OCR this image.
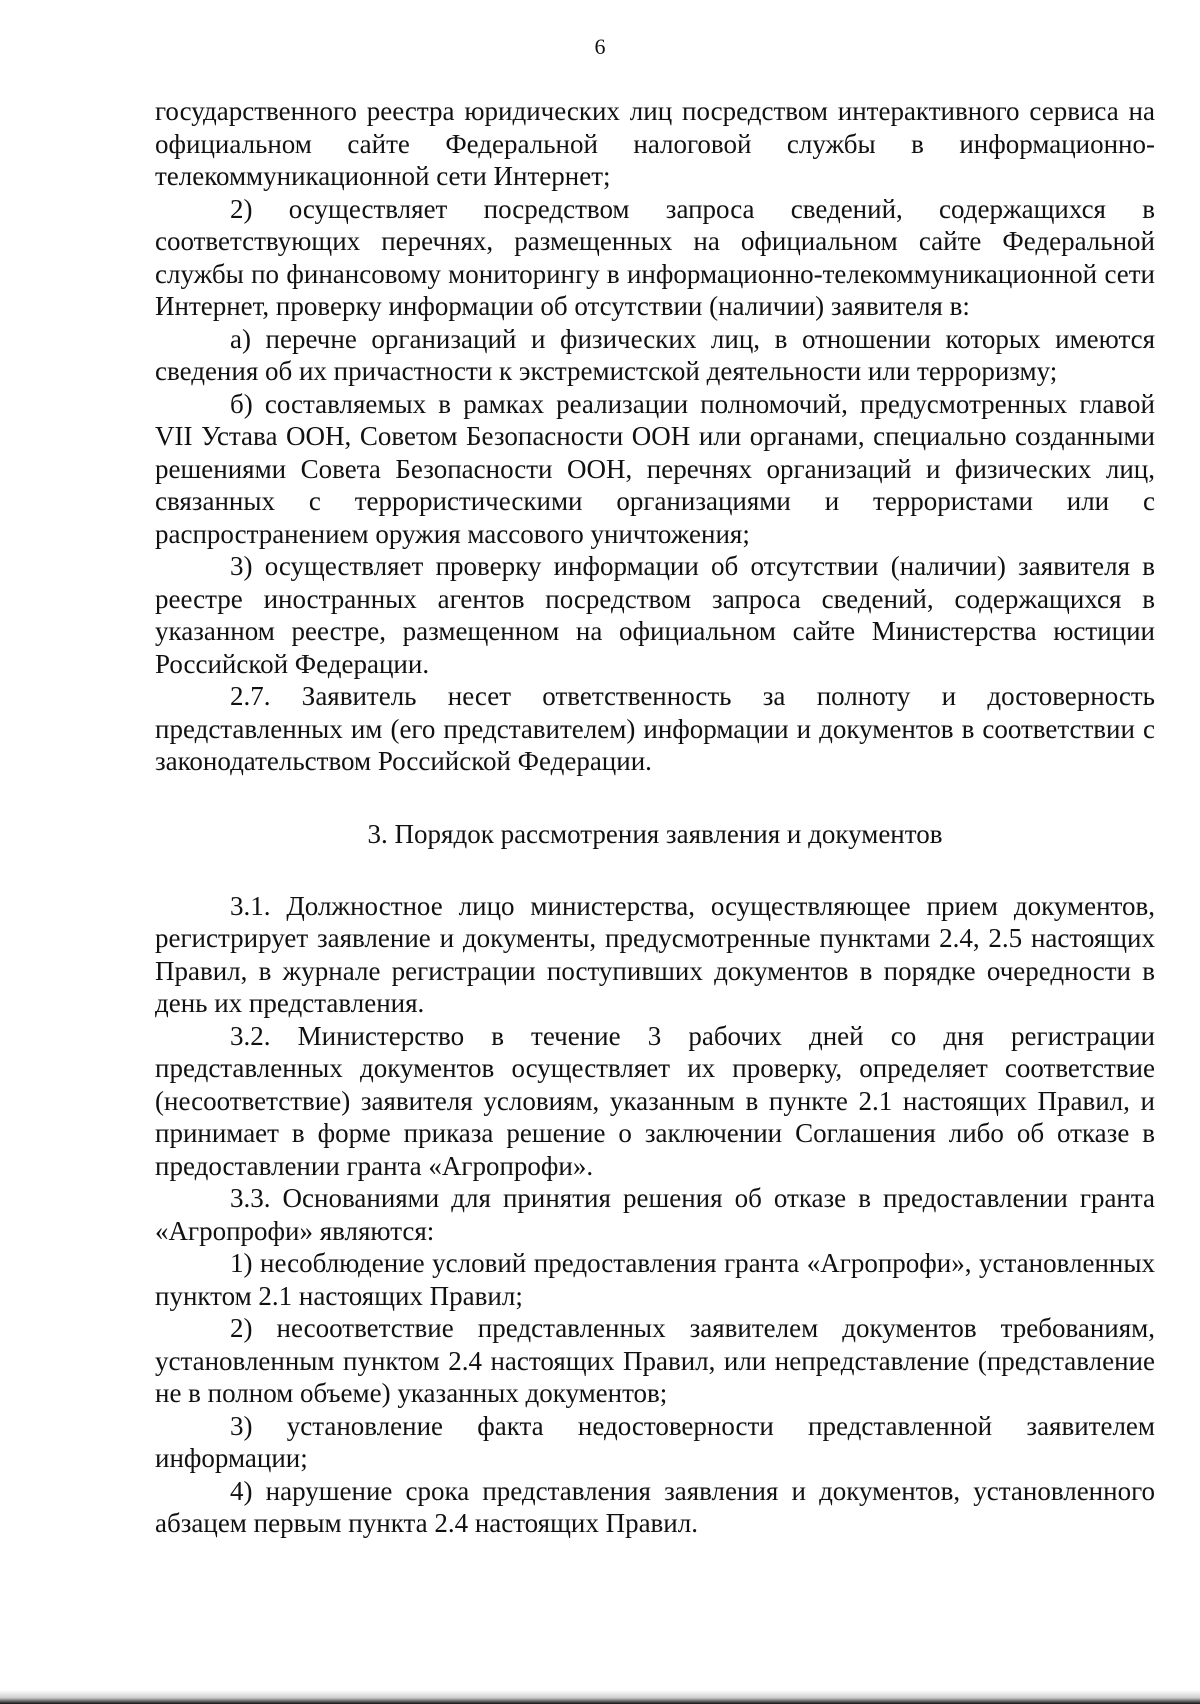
6

государственного реестра юридических лиц посредством интерактивного сервиса на официальном сайте Федеральной налоговой службы в информационно-телекоммуникационной сети Интернет;

2) осуществляет посредством запроса сведений, содержащихся в соответствующих перечнях, размещенных на официальном сайте Федеральной службы по финансовому мониторингу в информационно-телекоммуникационной сети Интернет, проверку информации об отсутствии (наличии) заявителя в:

а) перечне организаций и физических лиц, в отношении которых имеются сведения об их причастности к экстремистской деятельности или терроризму;

б) составляемых в рамках реализации полномочий, предусмотренных главой VII Устава ООН, Советом Безопасности ООН или органами, специально созданными решениями Совета Безопасности ООН, перечнях организаций и физических лиц, связанных с террористическими организациями и террористами или с распространением оружия массового уничтожения;

3) осуществляет проверку информации об отсутствии (наличии) заявителя в реестре иностранных агентов посредством запроса сведений, содержащихся в указанном реестре, размещенном на официальном сайте Министерства юстиции Российской Федерации.

2.7. Заявитель несет ответственность за полноту и достоверность представленных им (его представителем) информации и документов в соответствии с законодательством Российской Федерации.

3. Порядок рассмотрения заявления и документов

3.1. Должностное лицо министерства, осуществляющее прием документов, регистрирует заявление и документы, предусмотренные пунктами 2.4, 2.5 настоящих Правил, в журнале регистрации поступивших документов в порядке очередности в день их представления.

3.2. Министерство в течение 3 рабочих дней со дня регистрации представленных документов осуществляет их проверку, определяет соответствие (несоответствие) заявителя условиям, указанным в пункте 2.1 настоящих Правил, и принимает в форме приказа решение о заключении Соглашения либо об отказе в предоставлении гранта «Агропрофи».

3.3. Основаниями для принятия решения об отказе в предоставлении гранта «Агропрофи» являются:

1) несоблюдение условий предоставления гранта «Агропрофи», установленных пунктом 2.1 настоящих Правил;

2) несоответствие представленных заявителем документов требованиям, установленным пунктом 2.4 настоящих Правил, или непредставление (представление не в полном объеме) указанных документов;

3) установление факта недостоверности представленной заявителем информации;

4) нарушение срока представления заявления и документов, установленного абзацем первым пункта 2.4 настоящих Правил.
